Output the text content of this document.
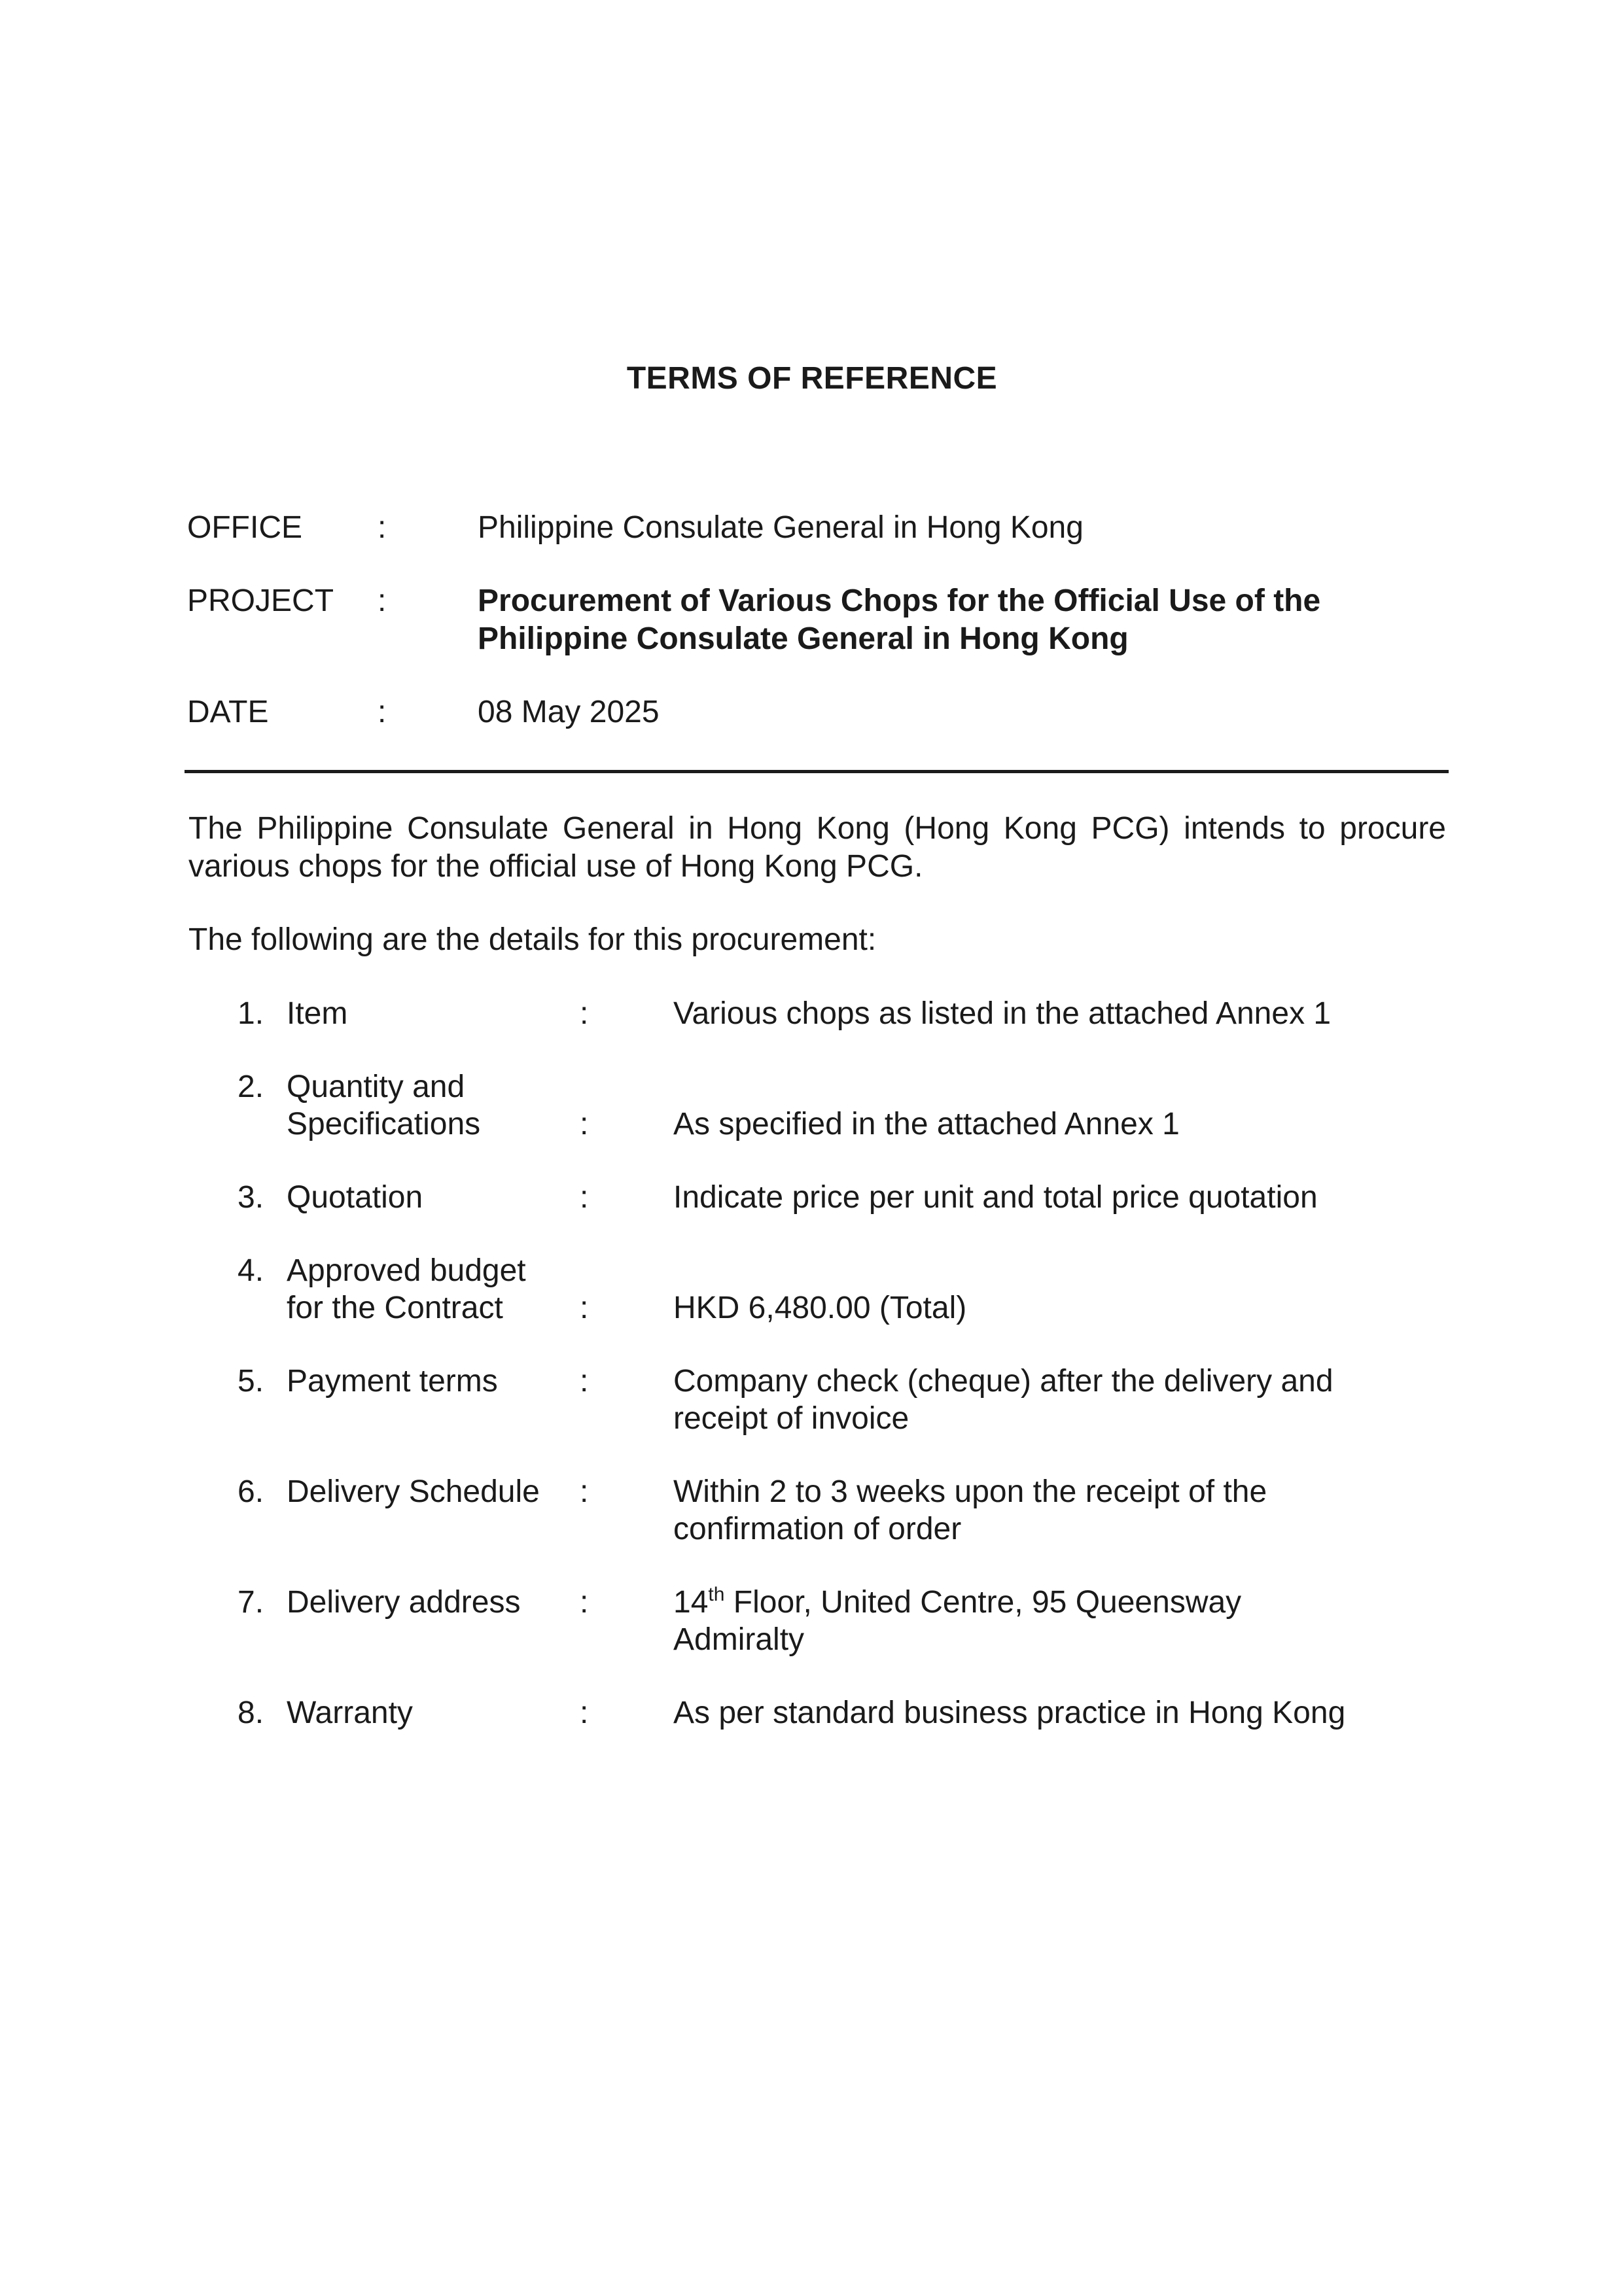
TERMS OF REFERENCE
OFFICE :	Philippine Consulate General in Hong Kong
PROJECT :	Procurement of Various Chops for the Official Use of the
Philippine Consulate General in Hong Kong
DATE	:	08 May 2025
The Philippine Consulate General in Hong Kong (Hong Kong PCG) intends to procure various chops for the official use of Hong Kong PCG.
The following are the details for this procurement:
1. Item	:	Various chops as listed in the attached Annex 1
2. Quantity and
Specifications	:	As specified in the attached Annex 1
3. Quotation	:	Indicate price per unit and total price quotation
4. Approved budget
for the Contract	:	HKD 6,480.00 (Total)
5. Payment terms	:	Company check (cheque) after the delivery and
receipt of invoice
6. Delivery Schedule	:	Within 2 to 3 weeks upon the receipt of the
confirmation of order
7. Delivery address	:	14th Floor, United Centre, 95 Queensway
Admiralty
8. Warranty	:	As per standard business practice in Hong Kong
